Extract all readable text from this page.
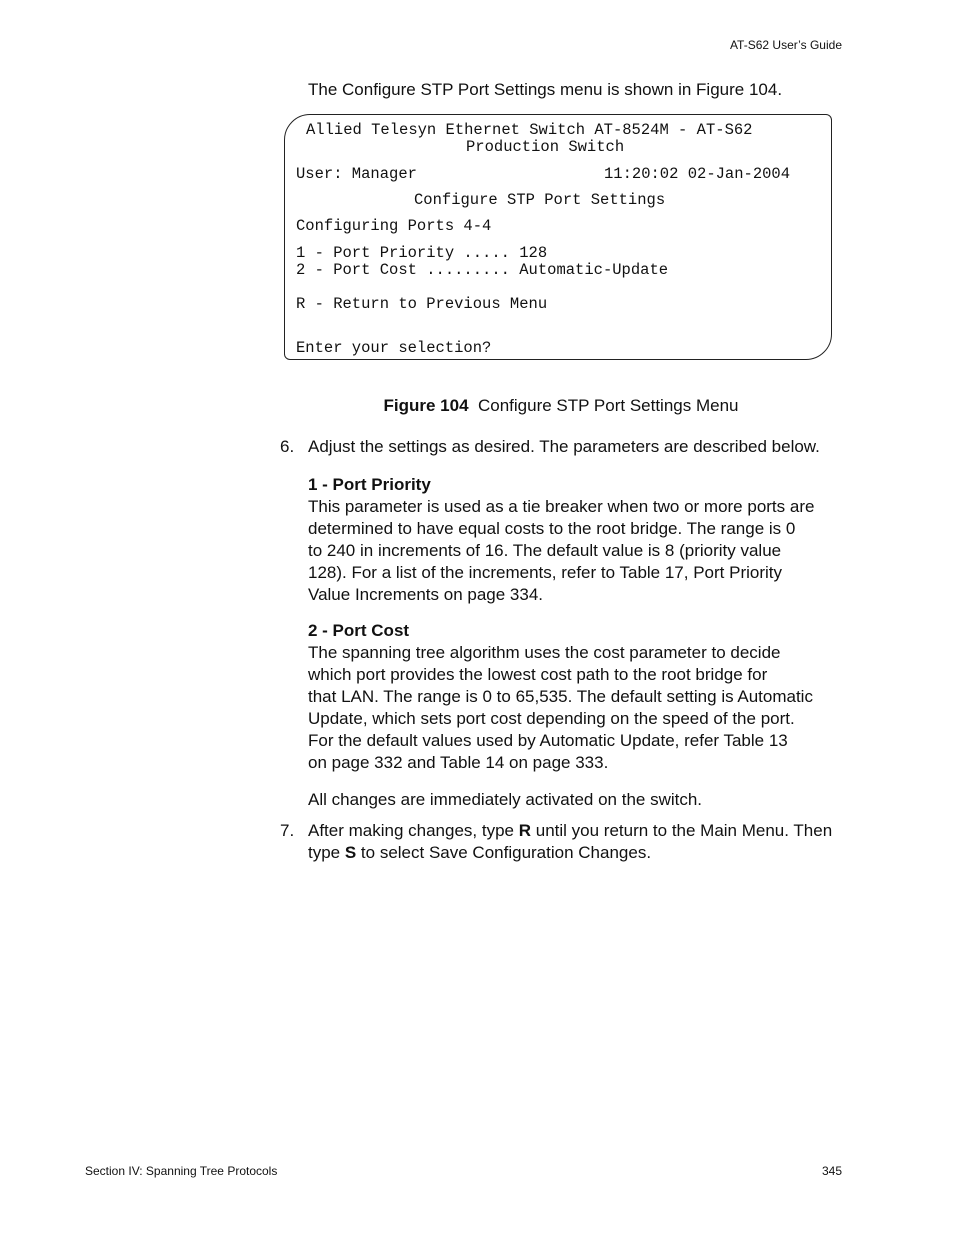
AT-S62 User’s Guide
The Configure STP Port Settings menu is shown in Figure 104.
Allied Telesyn Ethernet Switch AT-8524M - AT-S62
Production Switch
User: Manager	11:20:02 02-Jan-2004
Configure STP Port Settings
Configuring Ports 4-4
1 - Port Priority ..... 128
2 - Port Cost ......... Automatic-Update
R - Return to Previous Menu
Enter your selection?
Figure 104 Configure STP Port Settings Menu
6. Adjust the settings as desired. The parameters are described below.
1 - Port Priority
This parameter is used as a tie breaker when two or more ports are
determined to have equal costs to the root bridge. The range is 0
to 240 in increments of 16. The default value is 8 (priority value
128). For a list of the increments, refer to Table 17, Port Priority
Value Increments on page 334.
2 - Port Cost
The spanning tree algorithm uses the cost parameter to decide
which port provides the lowest cost path to the root bridge for
that LAN. The range is 0 to 65,535. The default setting is Automatic
Update, which sets port cost depending on the speed of the port.
For the default values used by Automatic Update, refer Table 13
on page 332 and Table 14 on page 333.
All changes are immediately activated on the switch.
7. After making changes, type R until you return to the Main Menu. Then
type S to select Save Configuration Changes.
Section IV: Spanning Tree Protocols	345
